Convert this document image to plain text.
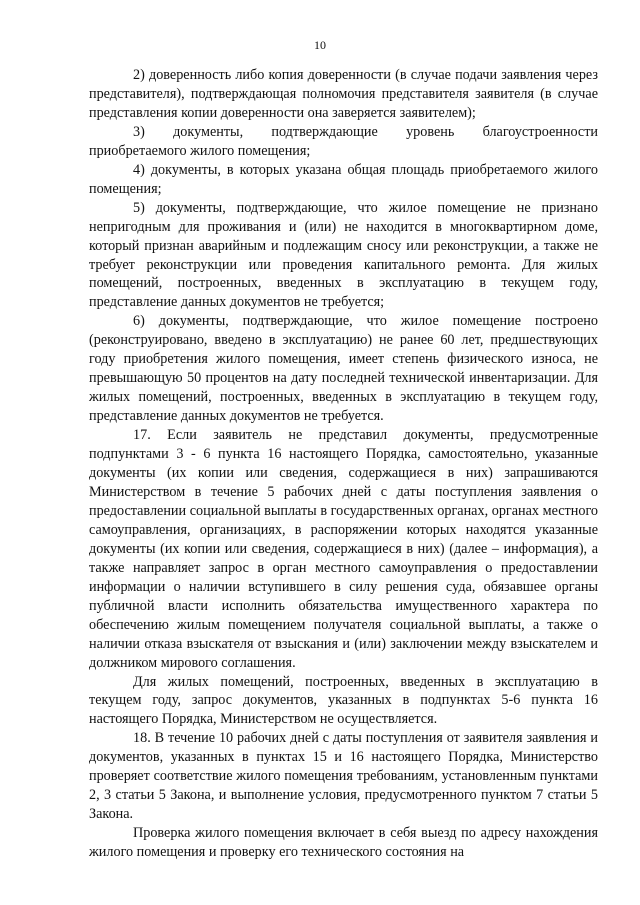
10

2) доверенность либо копия доверенности (в случае подачи заявления через представителя), подтверждающая полномочия представителя заявителя (в случае представления копии доверенности она заверяется заявителем);

3) документы, подтверждающие уровень благоустроенности приобретаемого жилого помещения;

4) документы, в которых указана общая площадь приобретаемого жилого помещения;

5) документы, подтверждающие, что жилое помещение не признано непригодным для проживания и (или) не находится в многоквартирном доме, который признан аварийным и подлежащим сносу или реконструкции, а также не требует реконструкции или проведения капитального ремонта. Для жилых помещений, построенных, введенных в эксплуатацию в текущем году, представление данных документов не требуется;

6) документы, подтверждающие, что жилое помещение построено (реконструировано, введено в эксплуатацию) не ранее 60 лет, предшествующих году приобретения жилого помещения, имеет степень физического износа, не превышающую 50 процентов на дату последней технической инвентаризации. Для жилых помещений, построенных, введенных в эксплуатацию в текущем году, представление данных документов не требуется.

17. Если заявитель не представил документы, предусмотренные подпунктами 3 - 6 пункта 16 настоящего Порядка, самостоятельно, указанные документы (их копии или сведения, содержащиеся в них) запрашиваются Министерством в течение 5 рабочих дней с даты поступления заявления о предоставлении социальной выплаты в государственных органах, органах местного самоуправления, организациях, в распоряжении которых находятся указанные документы (их копии или сведения, содержащиеся в них) (далее – информация), а также направляет запрос в орган местного самоуправления о предоставлении информации о наличии вступившего в силу решения суда, обязавшее органы публичной власти исполнить обязательства имущественного характера по обеспечению жилым помещением получателя социальной выплаты, а также о наличии отказа взыскателя от взыскания и (или) заключении между взыскателем и должником мирового соглашения.

Для жилых помещений, построенных, введенных в эксплуатацию в текущем году, запрос документов, указанных в подпунктах 5-6 пункта 16 настоящего Порядка, Министерством не осуществляется.

18. В течение 10 рабочих дней с даты поступления от заявителя заявления и документов, указанных в пунктах 15 и 16 настоящего Порядка, Министерство проверяет соответствие жилого помещения требованиям, установленным пунктами 2, 3 статьи 5 Закона, и выполнение условия, предусмотренного пунктом 7 статьи 5 Закона.

Проверка жилого помещения включает в себя выезд по адресу нахождения жилого помещения и проверку его технического состояния на
